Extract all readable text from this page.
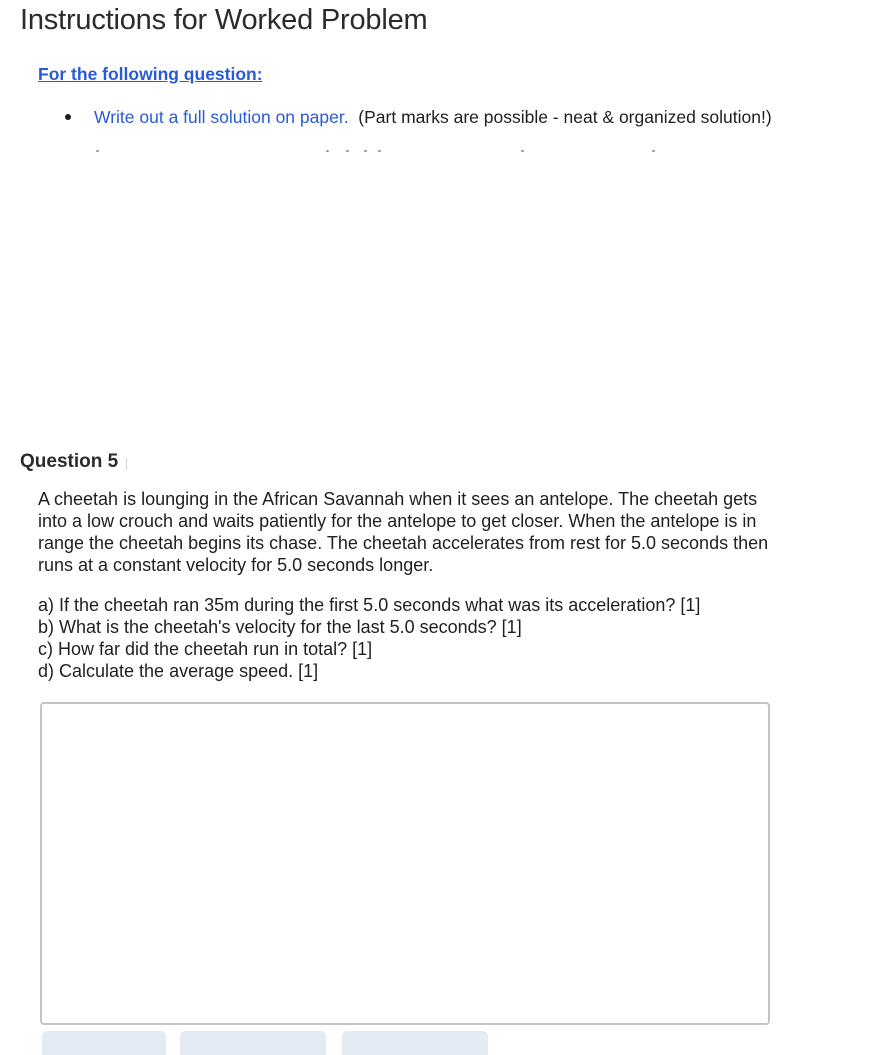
Instructions for Worked Problem
For the following question:
Write out a full solution on paper. (Part marks are possible - neat & organized solution!)
Question 5
A cheetah is lounging in the African Savannah when it sees an antelope. The cheetah gets into a low crouch and waits patiently for the antelope to get closer. When the antelope is in range the cheetah begins its chase. The cheetah accelerates from rest for 5.0 seconds then runs at a constant velocity for 5.0 seconds longer.
a) If the cheetah ran 35m during the first 5.0 seconds what was its acceleration? [1]
b) What is the cheetah's velocity for the last 5.0 seconds? [1]
c) How far did the cheetah run in total? [1]
d) Calculate the average speed. [1]
